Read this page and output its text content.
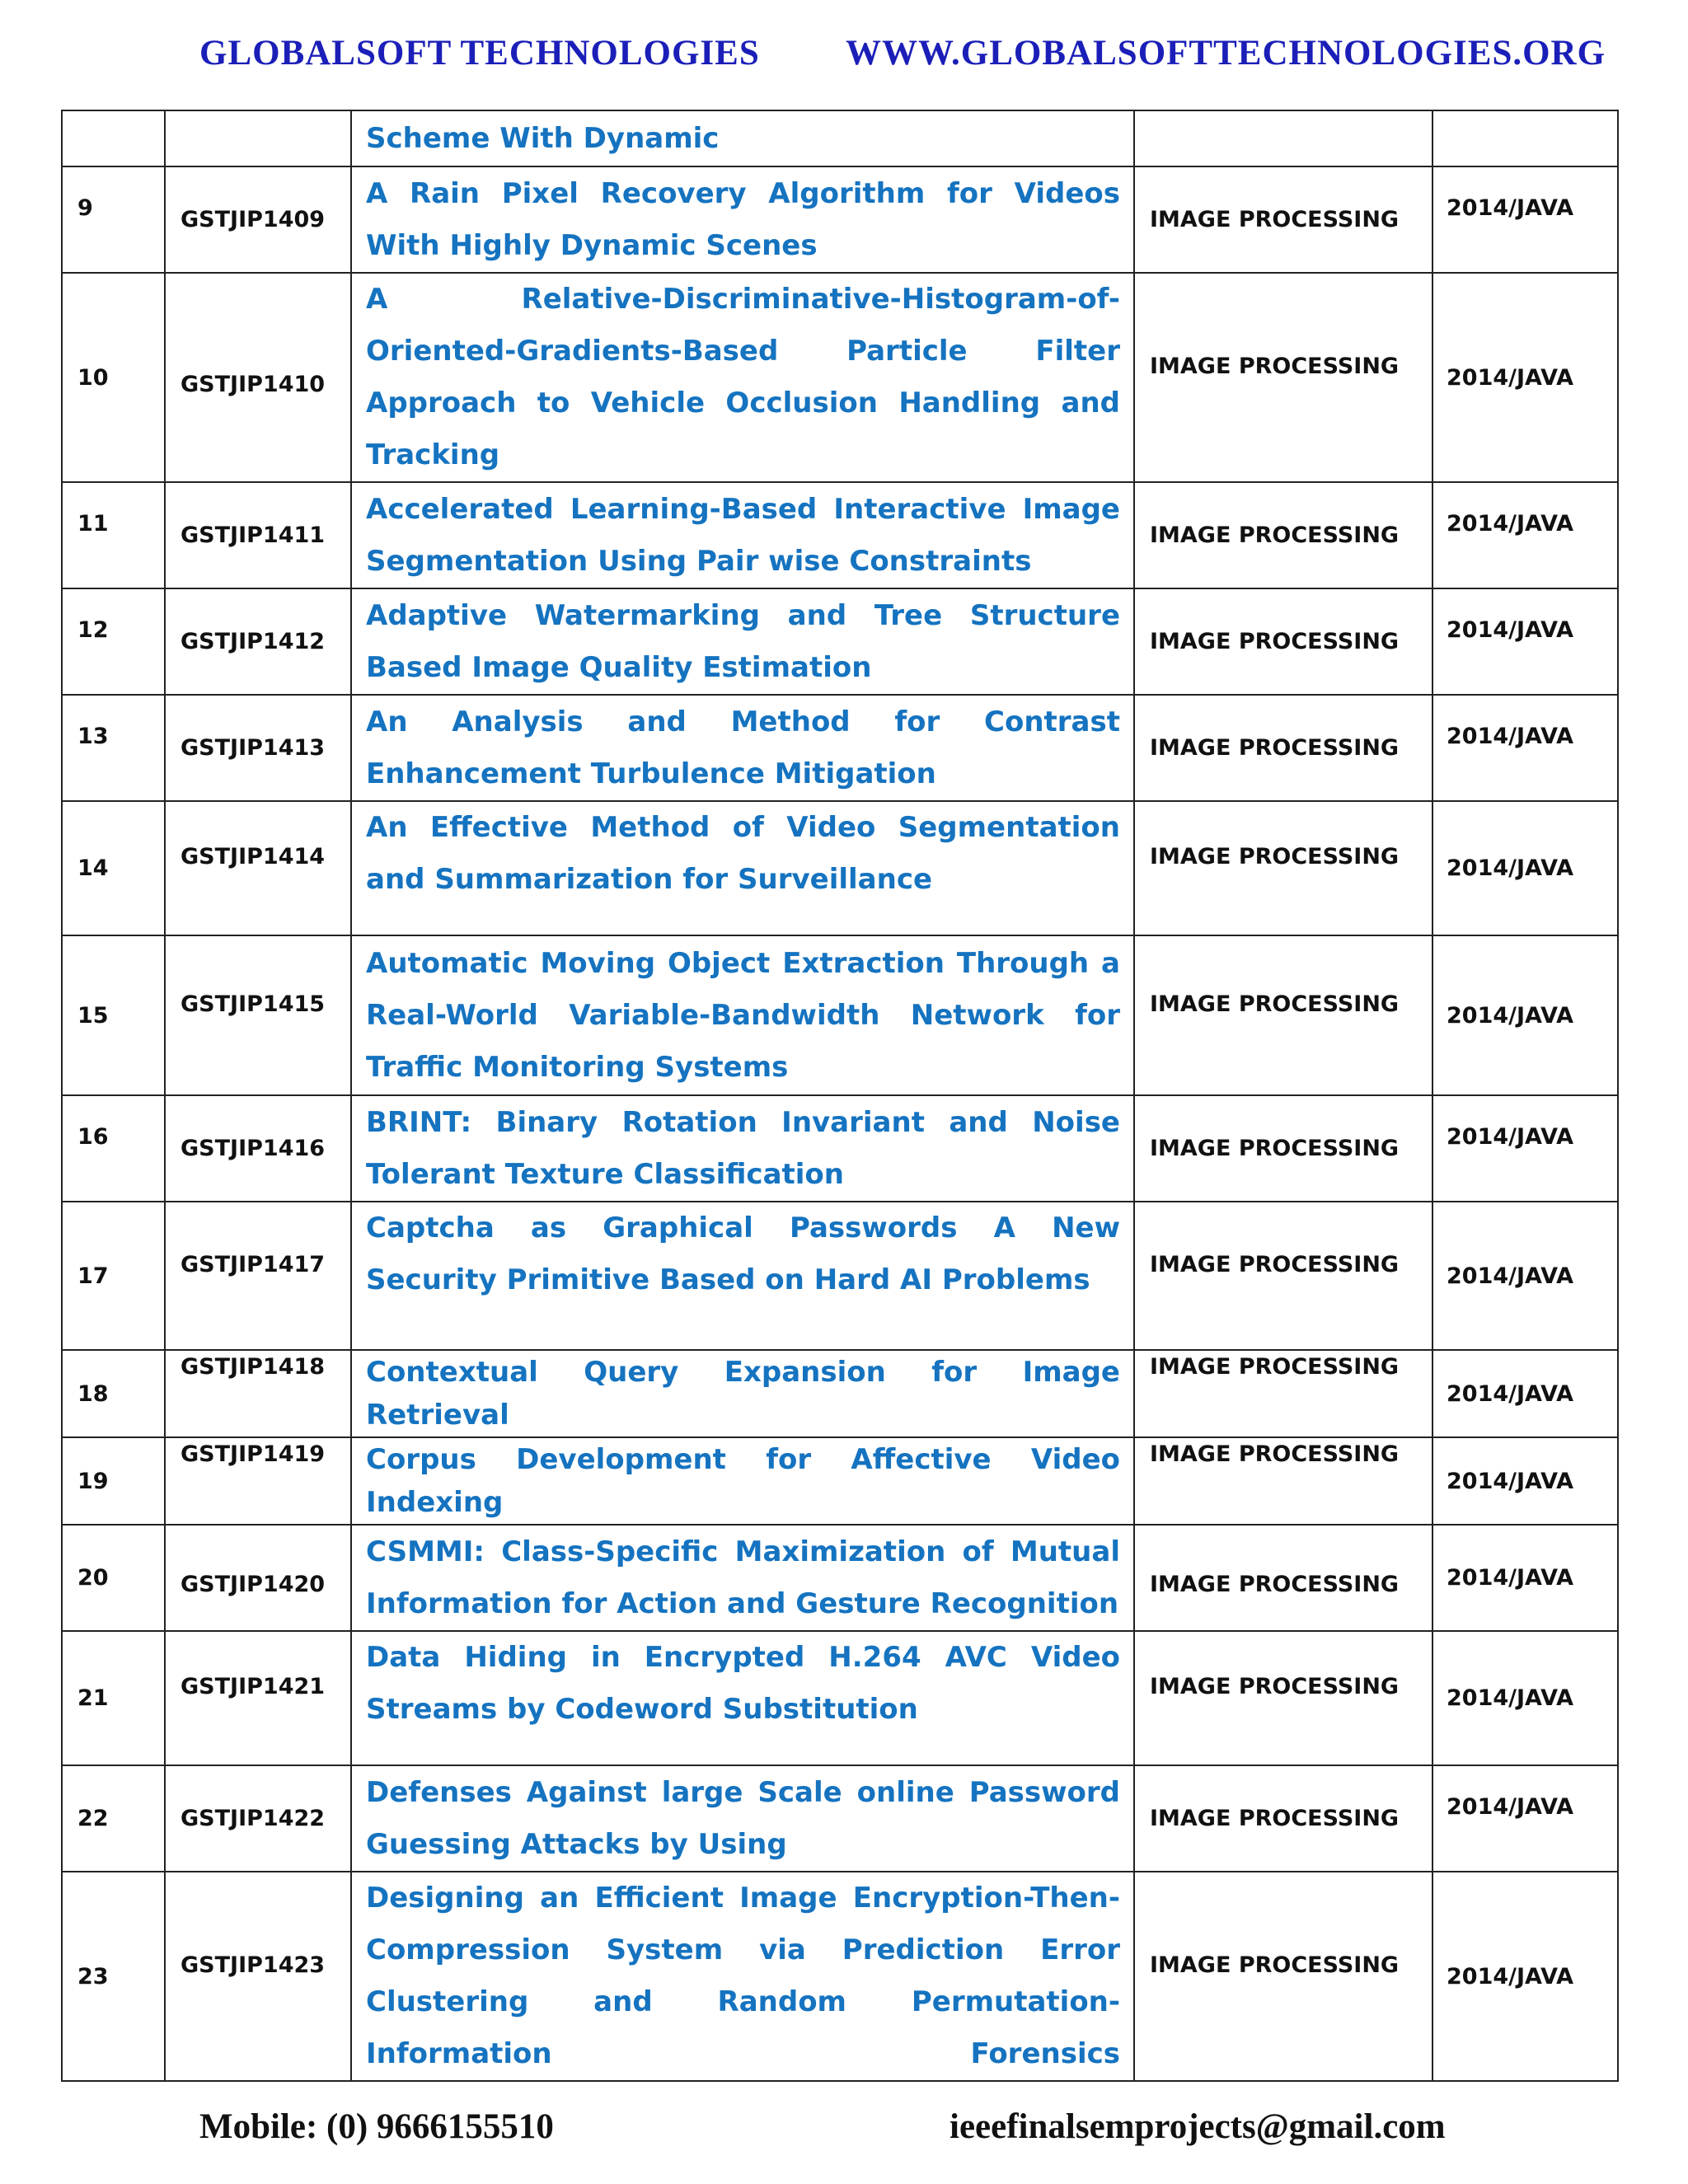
GLOBALSOFT TECHNOLOGIES WWW.GLOBALSOFTTECHNOLOGIES.ORG
		Scheme With Dynamic		
9	GSTJIP1409	A Rain Pixel Recovery Algorithm for Videos With Highly Dynamic Scenes	IMAGE PROCESSING	2014/JAVA
10	GSTJIP1410	A Relative-Discriminative-Histogram-of-Oriented-Gradients-Based Particle Filter Approach to Vehicle Occlusion Handling and Tracking	IMAGE PROCESSING	2014/JAVA
11	GSTJIP1411	Accelerated Learning-Based Interactive Image Segmentation Using Pair wise Constraints	IMAGE PROCESSING	2014/JAVA
12	GSTJIP1412	Adaptive Watermarking and Tree Structure Based Image Quality Estimation	IMAGE PROCESSING	2014/JAVA
13	GSTJIP1413	An Analysis and Method for Contrast Enhancement Turbulence Mitigation	IMAGE PROCESSING	2014/JAVA
14	GSTJIP1414	An Effective Method of Video Segmentation and Summarization for Surveillance	IMAGE PROCESSING	2014/JAVA
15	GSTJIP1415	Automatic Moving Object Extraction Through a Real-World Variable-Bandwidth Network for Traffic Monitoring Systems	IMAGE PROCESSING	2014/JAVA
16	GSTJIP1416	BRINT: Binary Rotation Invariant and Noise Tolerant Texture Classification	IMAGE PROCESSING	2014/JAVA
17	GSTJIP1417	Captcha as Graphical Passwords A New Security Primitive Based on Hard AI Problems	IMAGE PROCESSING	2014/JAVA
18	GSTJIP1418	Contextual Query Expansion for Image Retrieval	IMAGE PROCESSING	2014/JAVA
19	GSTJIP1419	Corpus Development for Affective Video Indexing	IMAGE PROCESSING	2014/JAVA
20	GSTJIP1420	CSMMI: Class-Specific Maximization of Mutual Information for Action and Gesture Recognition	IMAGE PROCESSING	2014/JAVA
21	GSTJIP1421	Data Hiding in Encrypted H.264 AVC Video Streams by Codeword Substitution	IMAGE PROCESSING	2014/JAVA
22	GSTJIP1422	Defenses Against large Scale online Password Guessing Attacks by Using	IMAGE PROCESSING	2014/JAVA
23	GSTJIP1423	Designing an Efficient Image Encryption-Then-Compression System via Prediction Error Clustering and Random Permutation- Information Forensics	IMAGE PROCESSING	2014/JAVA
Mobile: (0) 9666155510	ieeefinalsemprojects@gmail.com
